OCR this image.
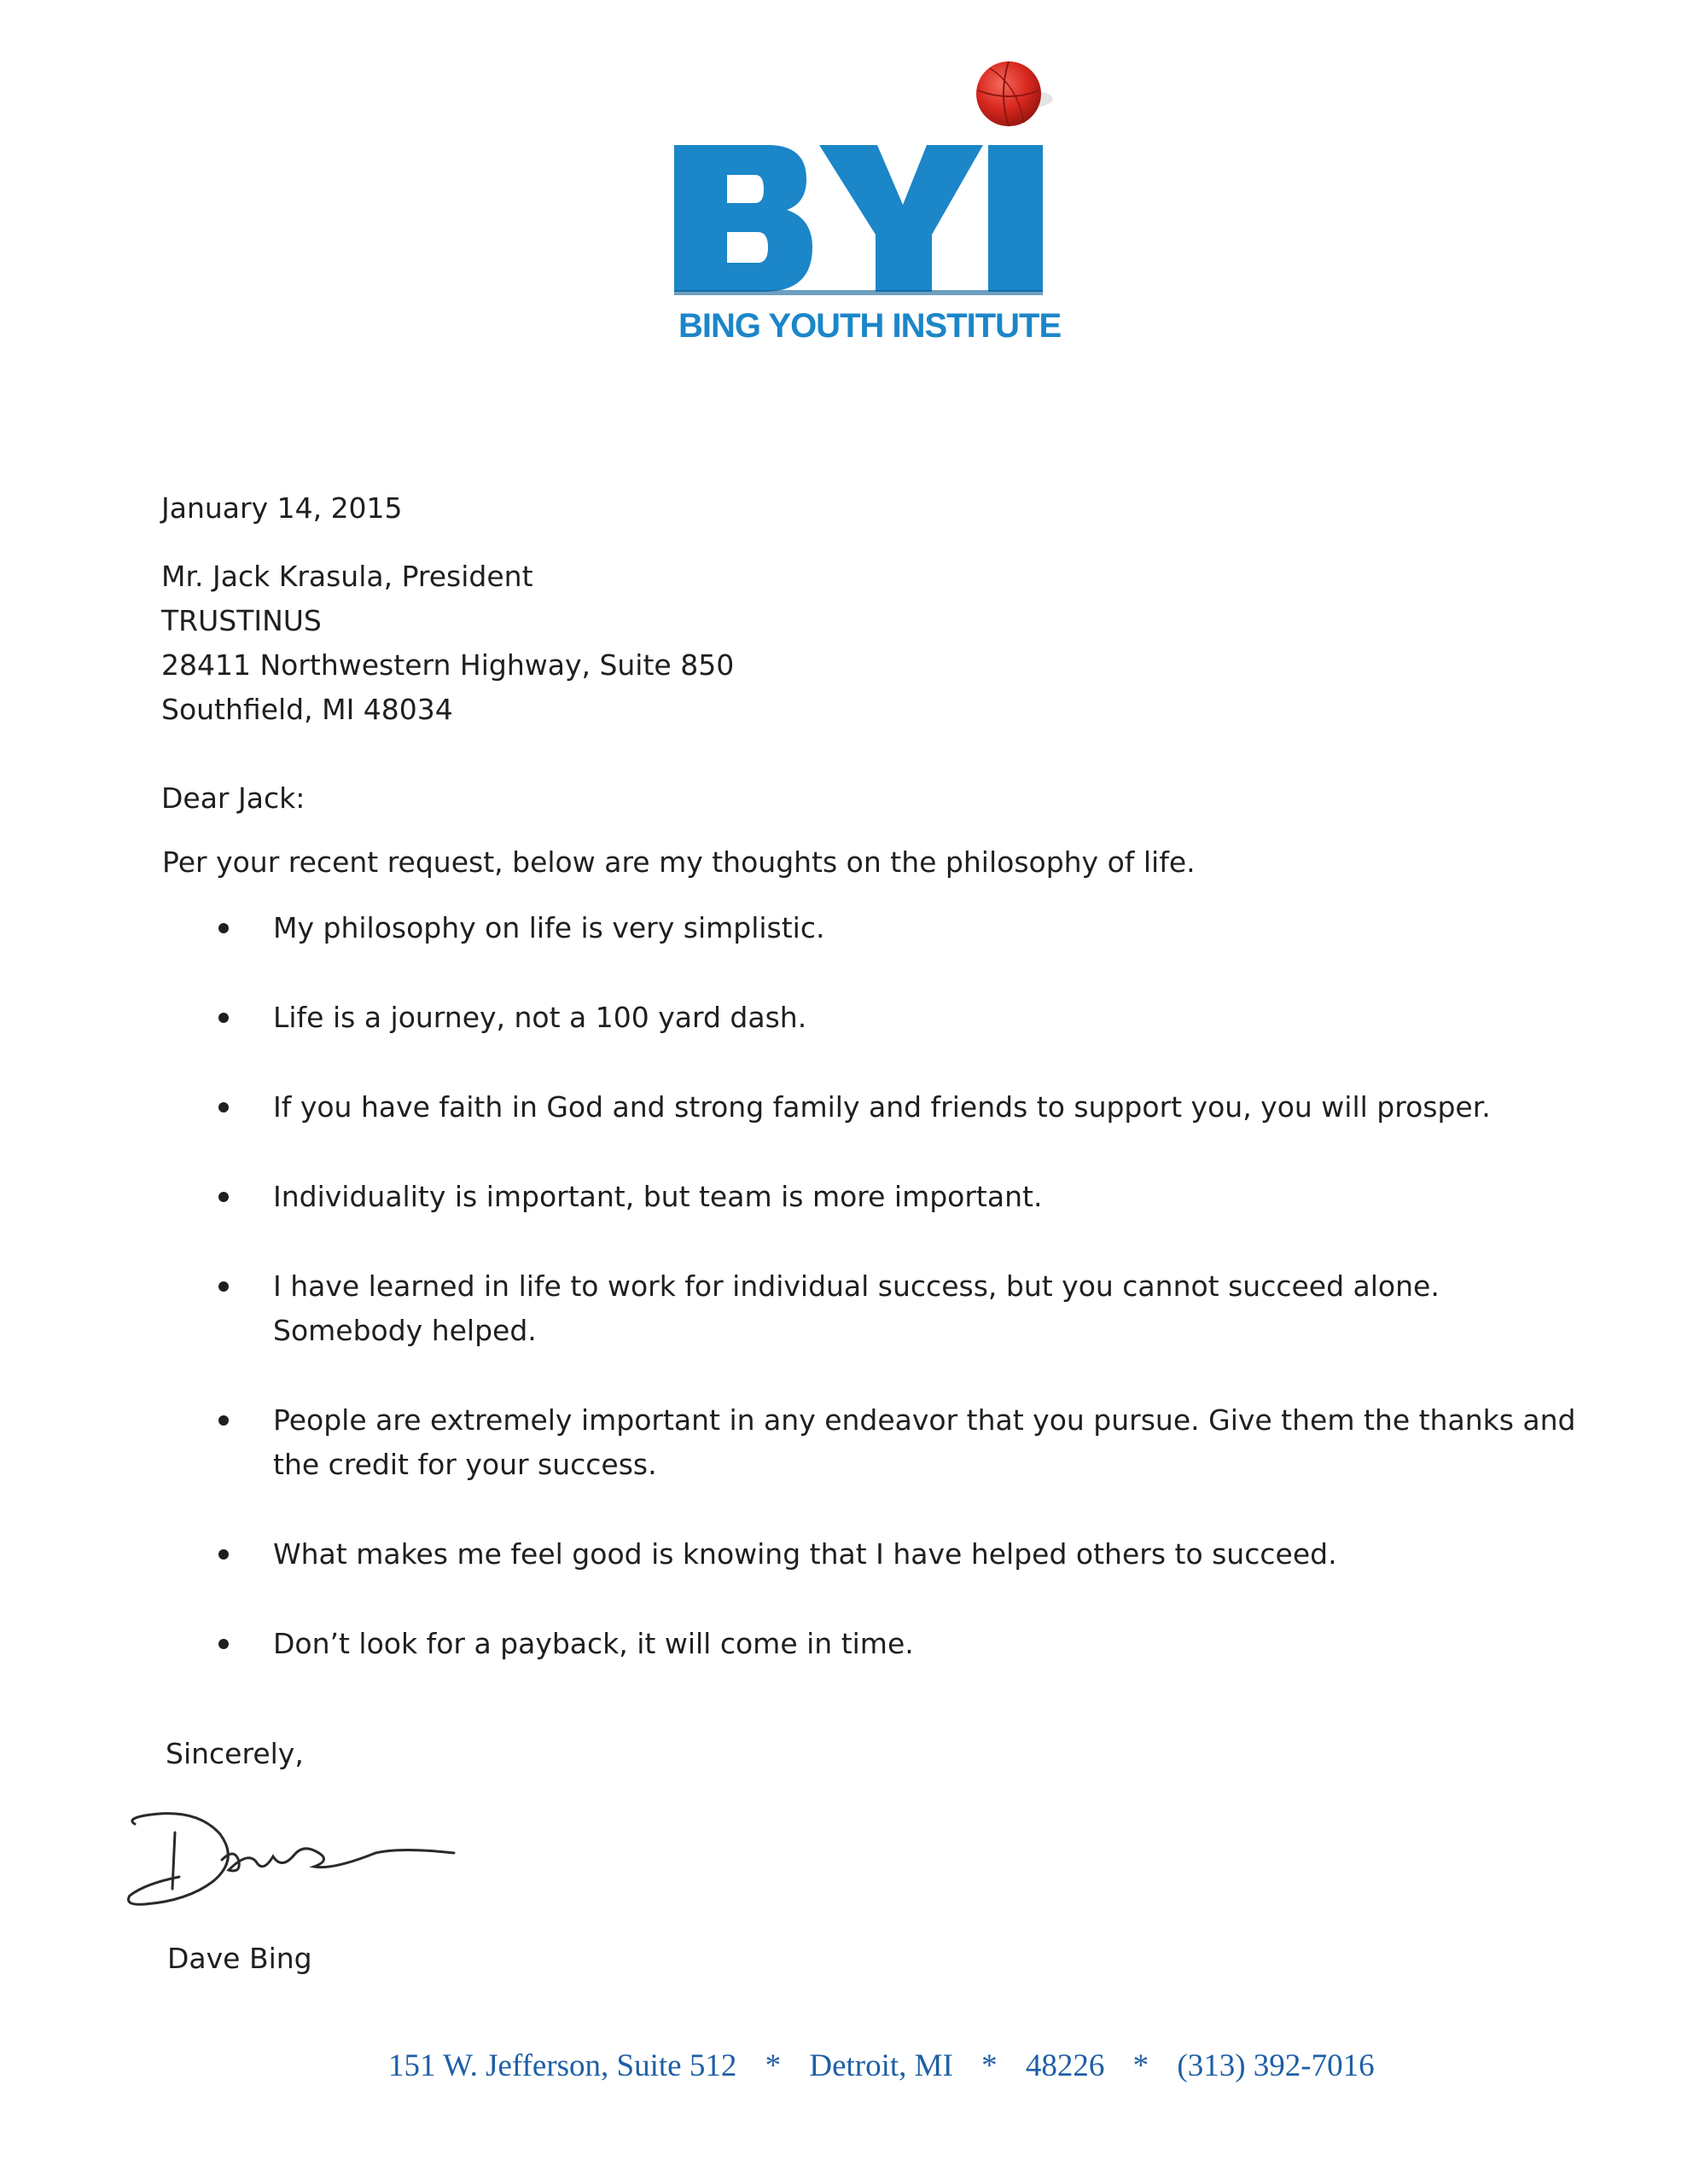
BING YOUTH INSTITUTE
January 14, 2015
Mr. Jack Krasula, President
TRUSTINUS
28411 Northwestern Highway, Suite 850
Southfield, MI 48034
Dear Jack:
Per your recent request, below are my thoughts on the philosophy of life.
My philosophy on life is very simplistic.
Life is a journey, not a 100 yard dash.
If you have faith in God and strong family and friends to support you, you will prosper.
Individuality is important, but team is more important.
I have learned in life to work for individual success, but you cannot succeed alone.  Somebody helped.
People are extremely important in any endeavor that you pursue. Give them the thanks and the credit for your success.
What makes me feel good is knowing that I have helped others to succeed.
Don’t look for a payback, it will come in time.
Sincerely,
Dave Bing
151 W. Jefferson, Suite 512 * Detroit, MI * 48226 * (313) 392-7016
